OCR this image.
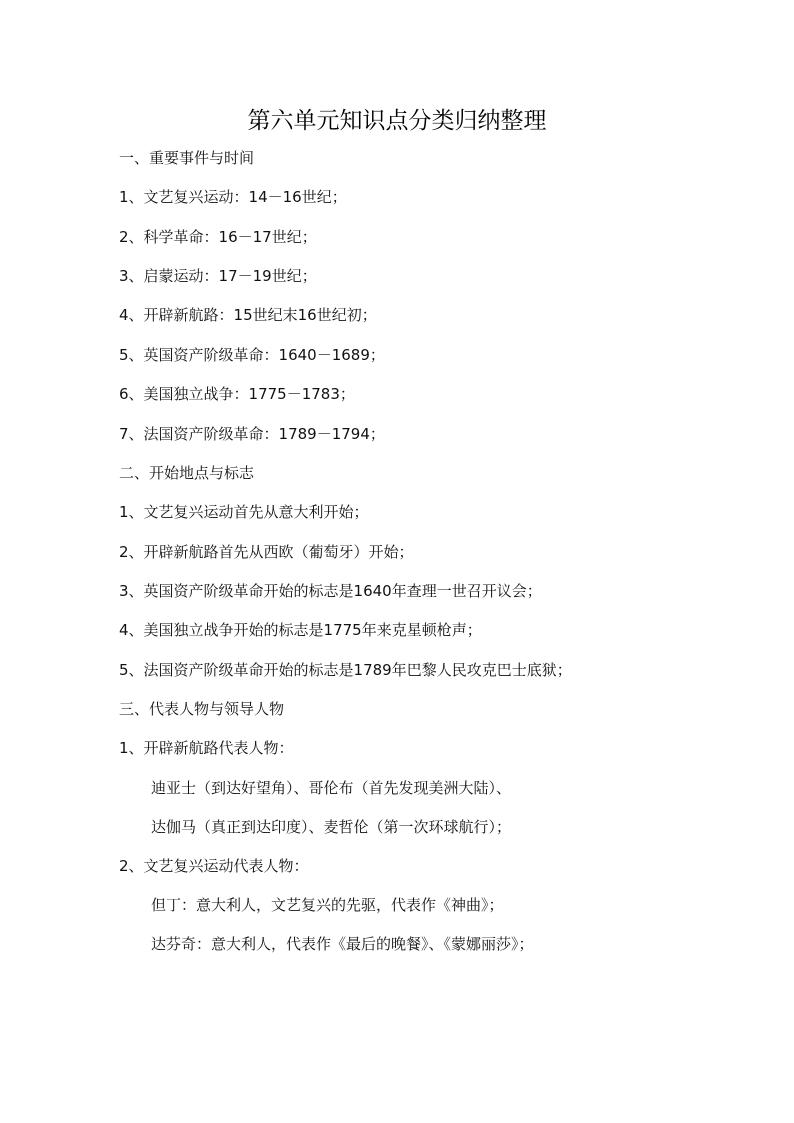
第六单元知识点分类归纳整理
一、重要事件与时间
1、文艺复兴运动：14－16世纪；
2、科学革命：16－17世纪；
3、启蒙运动：17－19世纪；
4、开辟新航路：15世纪末16世纪初；
5、英国资产阶级革命：1640－1689；
6、美国独立战争：1775－1783；
7、法国资产阶级革命：1789－1794；
二、开始地点与标志
1、文艺复兴运动首先从意大利开始；
2、开辟新航路首先从西欧（葡萄牙）开始；
3、英国资产阶级革命开始的标志是1640年查理一世召开议会；
4、美国独立战争开始的标志是1775年来克星顿枪声；
5、法国资产阶级革命开始的标志是1789年巴黎人民攻克巴士底狱；
三、代表人物与领导人物
1、开辟新航路代表人物：
迪亚士（到达好望角）、哥伦布（首先发现美洲大陆）、
达伽马（真正到达印度）、麦哲伦（第一次环球航行）；
2、文艺复兴运动代表人物：
但丁：意大利人，文艺复兴的先驱，代表作《神曲》；
达芬奇：意大利人，代表作《最后的晚餐》、《蒙娜丽莎》；
